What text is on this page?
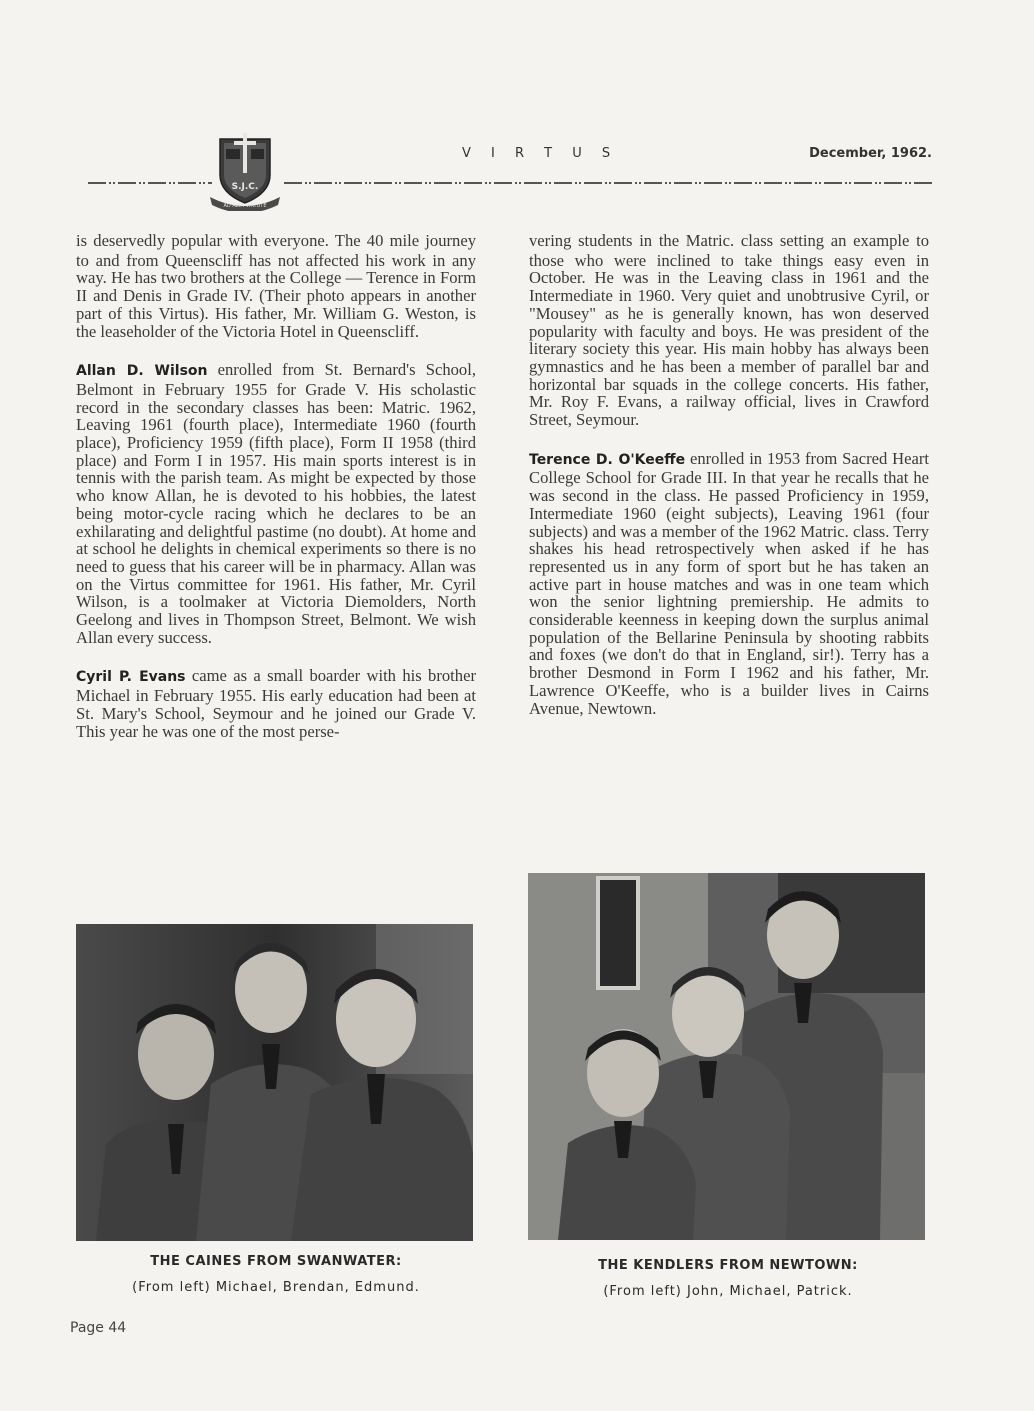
S.J.C.
AD ALTA VIRTUTE
V I R T U S	December, 1962.

is deservedly popular with everyone. The 40 mile journey to and from Queenscliff has not affected his work in any way. He has two brothers at the College — Terence in Form II and Denis in Grade IV. (Their photo appears in another part of this Virtus). His father, Mr. William G. Weston, is the leaseholder of the Victoria Hotel in Queenscliff.

Allan D. Wilson enrolled from St. Bernard's School, Belmont in February 1955 for Grade V. His scholastic record in the secondary classes has been: Matric. 1962, Leaving 1961 (fourth place), Intermediate 1960 (fourth place), Proficiency 1959 (fifth place), Form II 1958 (third place) and Form I in 1957. His main sports interest is in tennis with the parish team. As might be expected by those who know Allan, he is devoted to his hobbies, the latest being motor-cycle racing which he declares to be an exhilarating and delightful pastime (no doubt). At home and at school he delights in chemical experiments so there is no need to guess that his career will be in pharmacy. Allan was on the Virtus committee for 1961. His father, Mr. Cyril Wilson, is a toolmaker at Victoria Diemolders, North Geelong and lives in Thompson Street, Belmont. We wish Allan every success.

Cyril P. Evans came as a small boarder with his brother Michael in February 1955. His early education had been at St. Mary's School, Seymour and he joined our Grade V. This year he was one of the most perse-

vering students in the Matric. class setting an example to those who were inclined to take things easy even in October. He was in the Leaving class in 1961 and the Intermediate in 1960. Very quiet and unobtrusive Cyril, or "Mousey" as he is generally known, has won deserved popularity with faculty and boys. He was president of the literary society this year. His main hobby has always been gymnastics and he has been a member of parallel bar and horizontal bar squads in the college concerts. His father, Mr. Roy F. Evans, a railway official, lives in Crawford Street, Seymour.

Terence D. O'Keeffe enrolled in 1953 from Sacred Heart College School for Grade III. In that year he recalls that he was second in the class. He passed Proficiency in 1959, Intermediate 1960 (eight subjects), Leaving 1961 (four subjects) and was a member of the 1962 Matric. class. Terry shakes his head retrospectively when asked if he has represented us in any form of sport but he has taken an active part in house matches and was in one team which won the senior lightning premiership. He admits to considerable keenness in keeping down the surplus animal population of the Bellarine Peninsula by shooting rabbits and foxes (we don't do that in England, sir!). Terry has a brother Desmond in Form I 1962 and his father, Mr. Lawrence O'Keeffe, who is a builder lives in Cairns Avenue, Newtown.

THE CAINES FROM SWANWATER:
(From left) Michael, Brendan, Edmund.
THE KENDLERS FROM NEWTOWN:
(From left) John, Michael, Patrick.
Page 44
